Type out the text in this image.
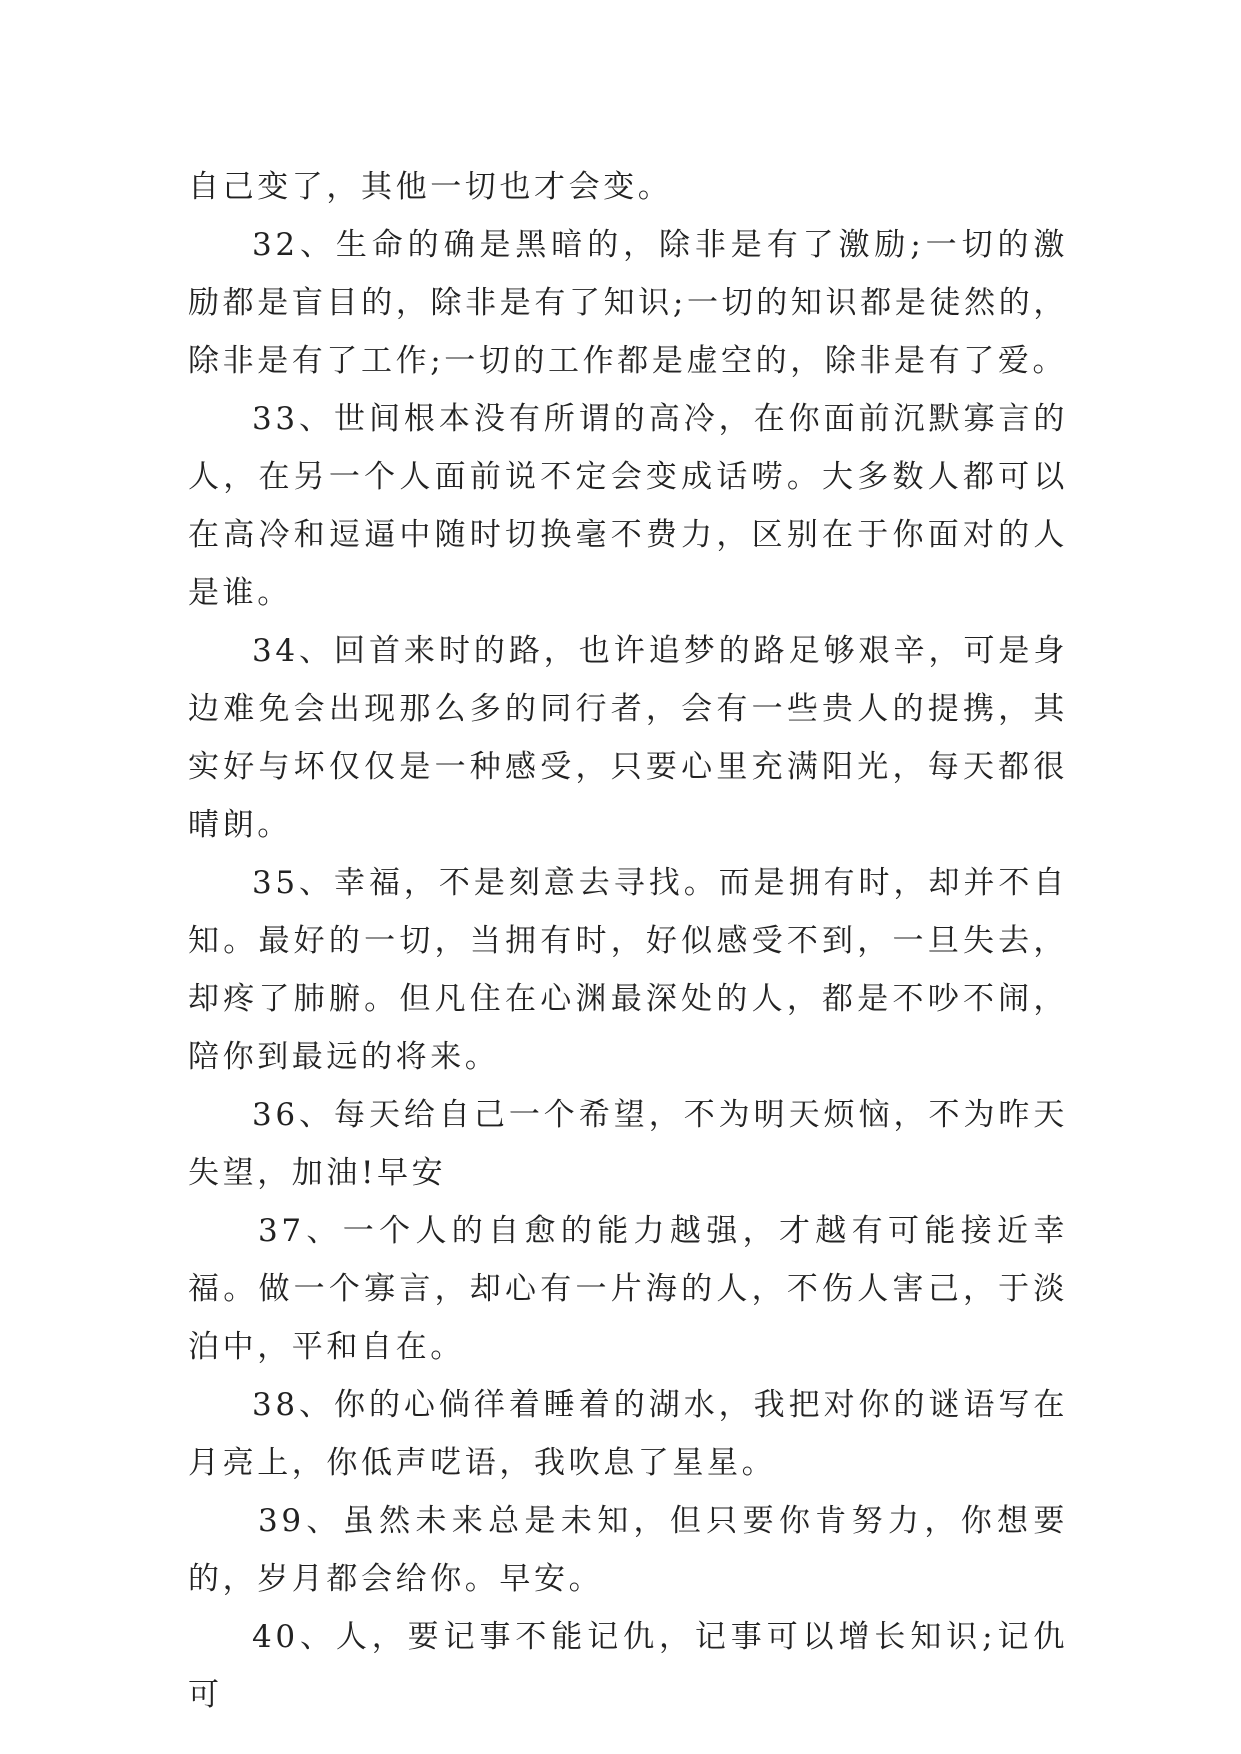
自己变了，其他一切也才会变。

32、生命的确是黑暗的，除非是有了激励;一切的激励都是盲目的，除非是有了知识;一切的知识都是徒然的，除非是有了工作;一切的工作都是虚空的，除非是有了爱。

33、世间根本没有所谓的高冷，在你面前沉默寡言的人，在另一个人面前说不定会变成话唠。大多数人都可以在高冷和逗逼中随时切换毫不费力，区别在于你面对的人是谁。

34、回首来时的路，也许追梦的路足够艰辛，可是身边难免会出现那么多的同行者，会有一些贵人的提携，其实好与坏仅仅是一种感受，只要心里充满阳光，每天都很晴朗。

35、幸福，不是刻意去寻找。而是拥有时，却并不自知。最好的一切，当拥有时，好似感受不到，一旦失去，却疼了肺腑。但凡住在心渊最深处的人，都是不吵不闹，陪你到最远的将来。

36、每天给自己一个希望，不为明天烦恼，不为昨天失望，加油!早安

37、一个人的自愈的能力越强，才越有可能接近幸福。做一个寡言，却心有一片海的人，不伤人害己，于淡泊中，平和自在。

38、你的心倘徉着睡着的湖水，我把对你的谜语写在月亮上，你低声呓语，我吹息了星星。

39、虽然未来总是未知，但只要你肯努力，你想要的，岁月都会给你。早安。

40、人，要记事不能记仇，记事可以增长知识;记仇可
